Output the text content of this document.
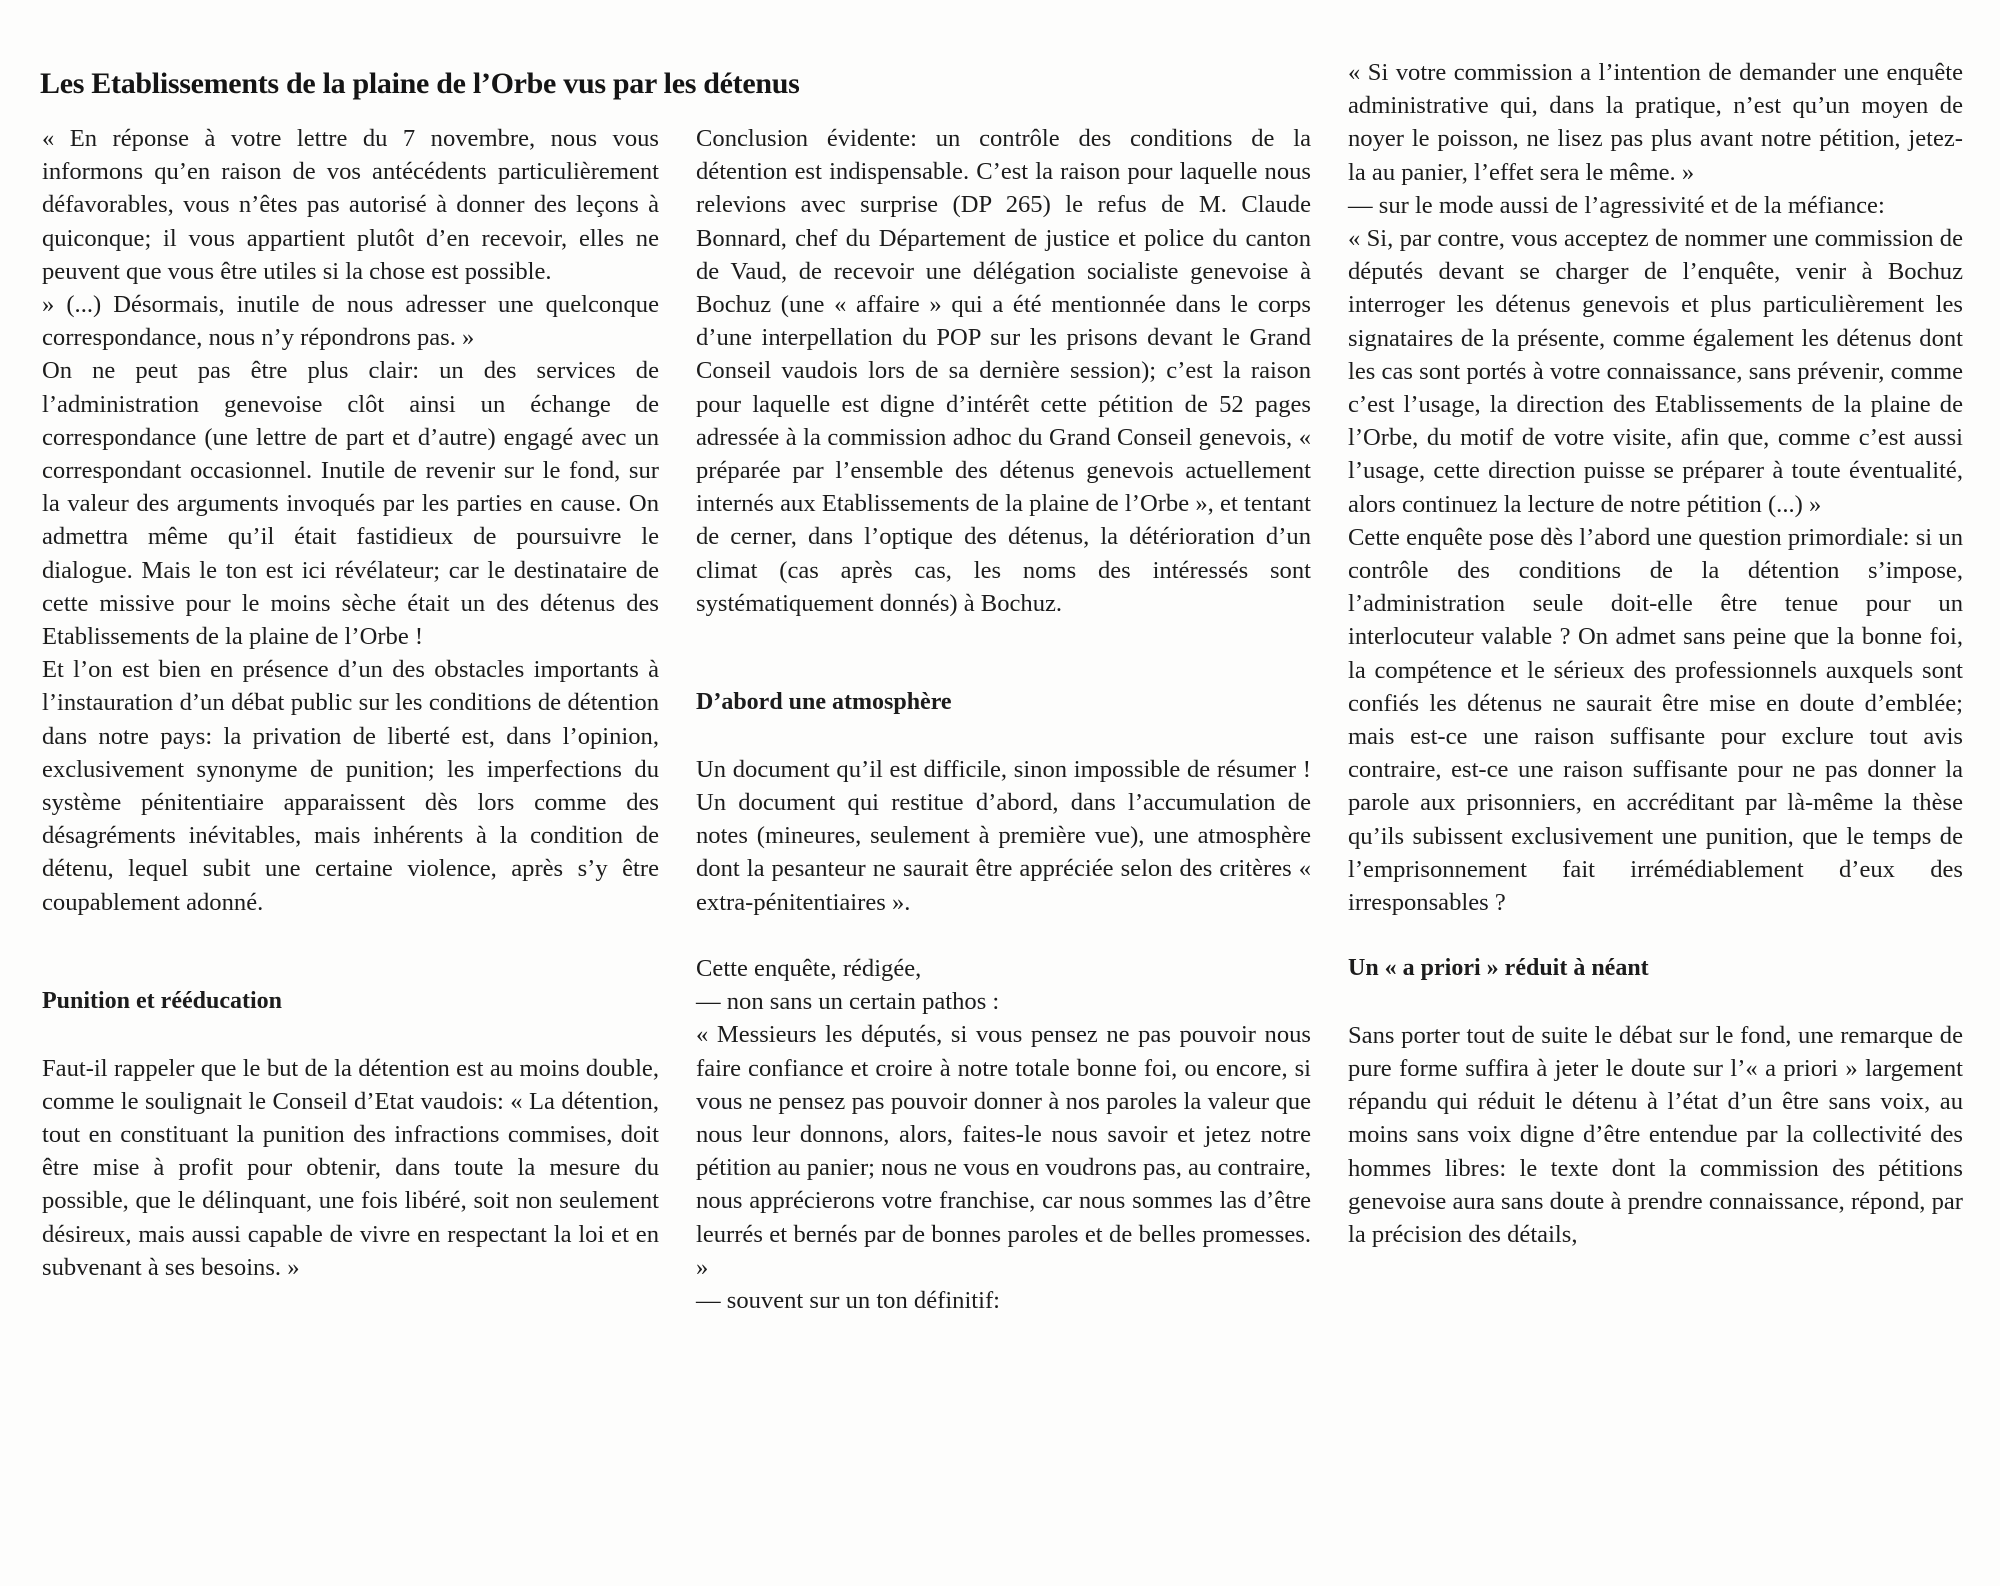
Les Etablissements de la plaine de l’Orbe vus par les détenus

« En réponse à votre lettre du 7 novembre, nous vous informons qu’en raison de vos antécédents particulièrement défavorables, vous n’êtes pas autorisé à donner des leçons à quiconque; il vous appartient plutôt d’en recevoir, elles ne peuvent que vous être utiles si la chose est possible.

» (...) Désormais, inutile de nous adresser une quelconque correspondance, nous n’y répondrons pas. »

On ne peut pas être plus clair: un des services de l’administration genevoise clôt ainsi un échange de correspondance (une lettre de part et d’autre) engagé avec un correspondant occasionnel. Inutile de revenir sur le fond, sur la valeur des arguments invoqués par les parties en cause. On admettra même qu’il était fastidieux de poursuivre le dialogue. Mais le ton est ici révélateur; car le destinataire de cette missive pour le moins sèche était un des détenus des Etablissements de la plaine de l’Orbe !

Et l’on est bien en présence d’un des obstacles importants à l’instauration d’un débat public sur les conditions de détention dans notre pays: la privation de liberté est, dans l’opinion, exclusivement synonyme de punition; les imperfections du système pénitentiaire apparaissent dès lors comme des désagréments inévitables, mais inhérents à la condition de détenu, lequel subit une certaine violence, après s’y être coupablement adonné.

Punition et rééducation

Faut-il rappeler que le but de la détention est au moins double, comme le soulignait le Conseil d’Etat vaudois: « La détention, tout en constituant la punition des infractions commises, doit être mise à profit pour obtenir, dans toute la mesure du possible, que le délinquant, une fois libéré, soit non seulement désireux, mais aussi capable de vivre en respectant la loi et en subvenant à ses besoins. »

Conclusion évidente: un contrôle des conditions de la détention est indispensable. C’est la raison pour laquelle nous relevions avec surprise (DP 265) le refus de M. Claude Bonnard, chef du Département de justice et police du canton de Vaud, de recevoir une délégation socialiste genevoise à Bochuz (une « affaire » qui a été mentionnée dans le corps d’une interpellation du POP sur les prisons devant le Grand Conseil vaudois lors de sa dernière session); c’est la raison pour laquelle est digne d’intérêt cette pétition de 52 pages adressée à la commission adhoc du Grand Conseil genevois, « préparée par l’ensemble des détenus genevois actuellement internés aux Etablissements de la plaine de l’Orbe », et tentant de cerner, dans l’optique des détenus, la détérioration d’un climat (cas après cas, les noms des intéressés sont systématiquement donnés) à Bochuz.

D’abord une atmosphère

Un document qu’il est difficile, sinon impossible de résumer ! Un document qui restitue d’abord, dans l’accumulation de notes (mineures, seulement à première vue), une atmosphère dont la pesanteur ne saurait être appréciée selon des critères « extra-pénitentiaires ».

Cette enquête, rédigée,

— non sans un certain pathos :

« Messieurs les députés, si vous pensez ne pas pouvoir nous faire confiance et croire à notre totale bonne foi, ou encore, si vous ne pensez pas pouvoir donner à nos paroles la valeur que nous leur donnons, alors, faites-le nous savoir et jetez notre pétition au panier; nous ne vous en voudrons pas, au contraire, nous apprécierons votre franchise, car nous sommes las d’être leurrés et bernés par de bonnes paroles et de belles promesses. »

— souvent sur un ton définitif:

« Si votre commission a l’intention de demander une enquête administrative qui, dans la pratique, n’est qu’un moyen de noyer le poisson, ne lisez pas plus avant notre pétition, jetez-la au panier, l’effet sera le même. »

— sur le mode aussi de l’agressivité et de la méfiance:

« Si, par contre, vous acceptez de nommer une commission de députés devant se charger de l’enquête, venir à Bochuz interroger les détenus genevois et plus particulièrement les signataires de la présente, comme également les détenus dont les cas sont portés à votre connaissance, sans prévenir, comme c’est l’usage, la direction des Etablissements de la plaine de l’Orbe, du motif de votre visite, afin que, comme c’est aussi l’usage, cette direction puisse se préparer à toute éventualité, alors continuez la lecture de notre pétition (...) »

Cette enquête pose dès l’abord une question primordiale: si un contrôle des conditions de la détention s’impose, l’administration seule doit-elle être tenue pour un interlocuteur valable ? On admet sans peine que la bonne foi, la compétence et le sérieux des professionnels auxquels sont confiés les détenus ne saurait être mise en doute d’emblée; mais est-ce une raison suffisante pour exclure tout avis contraire, est-ce une raison suffisante pour ne pas donner la parole aux prisonniers, en accréditant par là-même la thèse qu’ils subissent exclusivement une punition, que le temps de l’emprisonnement fait irrémédiablement d’eux des irresponsables ?

Un « a priori » réduit à néant

Sans porter tout de suite le débat sur le fond, une remarque de pure forme suffira à jeter le doute sur l’« a priori » largement répandu qui réduit le détenu à l’état d’un être sans voix, au moins sans voix digne d’être entendue par la collectivité des hommes libres: le texte dont la commission des pétitions genevoise aura sans doute à prendre connaissance, répond, par la précision des détails,
